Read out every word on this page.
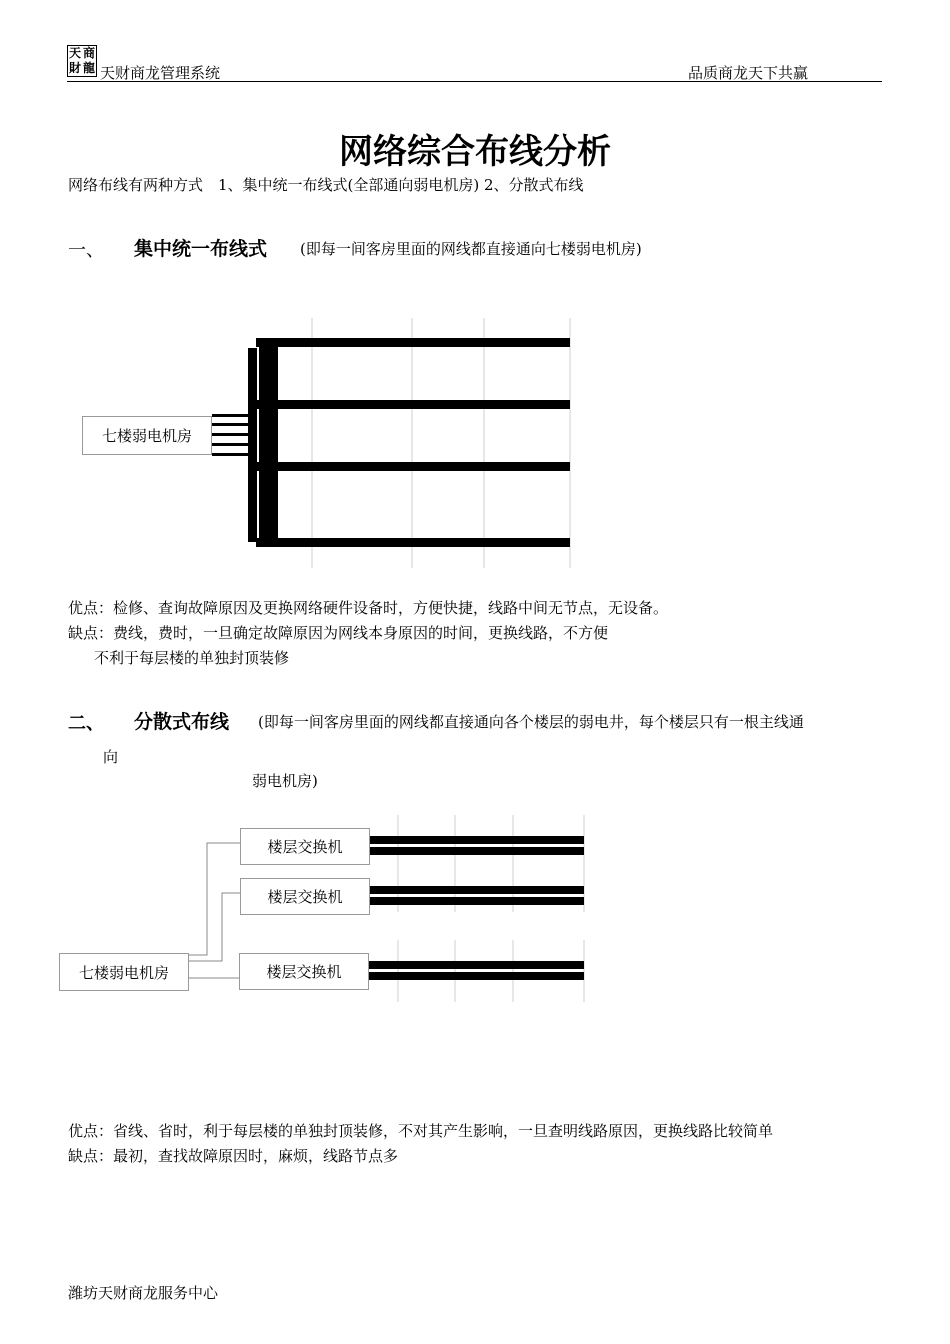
天 商
財 龍 天财商龙管理系统	品质商龙天下共赢
网络综合布线分析
网络布线有两种方式　1、集中统一布线式(全部通向弱电机房) 2、分散式布线
一、 集中统一布线式 (即每一间客房里面的网线都直接通向七楼弱电机房)
七楼弱电机房
优点：检修、查询故障原因及更换网络硬件设备时，方便快捷，线路中间无节点，无设备。
缺点：费线，费时，一旦确定故障原因为网线本身原因的时间，更换线路，不方便
不利于每层楼的单独封顶装修
二、 分散式布线 (即每一间客房里面的网线都直接通向各个楼层的弱电井，每个楼层只有一根主线通
向
弱电机房)
楼层交换机
楼层交换机
楼层交换机
七楼弱电机房
优点：省线、省时，利于每层楼的单独封顶装修，不对其产生影响，一旦查明线路原因，更换线路比较简单
缺点：最初，查找故障原因时，麻烦，线路节点多
潍坊天财商龙服务中心
